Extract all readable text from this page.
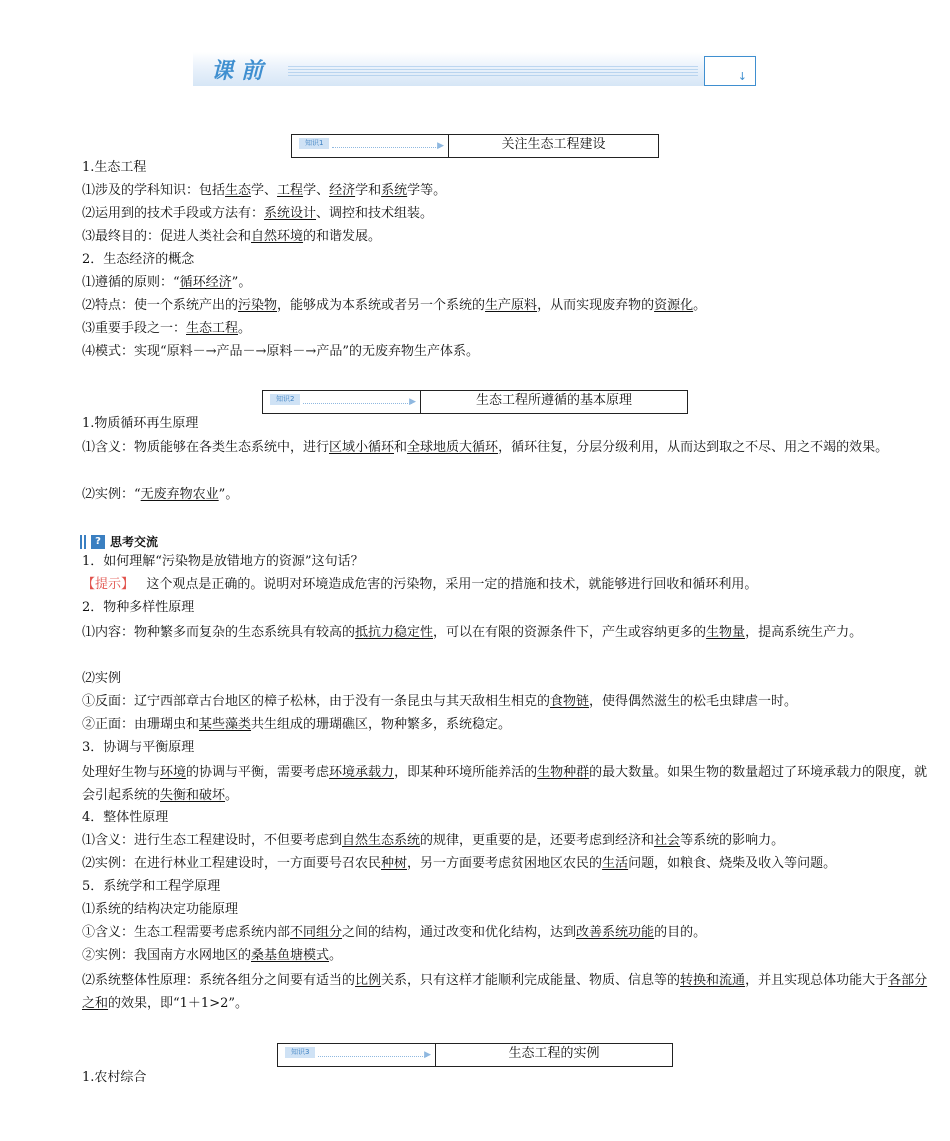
课前	↓
知识1	▶	关注生态工程建设
1.生态工程
⑴涉及的学科知识：包括生态学、工程学、经济学和系统学等。
⑵运用到的技术手段或方法有：系统设计、调控和技术组装。
⑶最终目的：促进人类社会和自然环境的和谐发展。
2．生态经济的概念
⑴遵循的原则：“循环经济”。
⑵特点：使一个系统产出的污染物，能够成为本系统或者另一个系统的生产原料，从而实现废弃物的资源化。
⑶重要手段之一：生态工程。
⑷模式：实现“原料－→产品－→原料－→产品”的无废弃物生产体系。
知识2	▶	生态工程所遵循的基本原理
1.物质循环再生原理
⑴含义：物质能够在各类生态系统中，进行区域小循环和全球地质大循环，循环往复，分层分级利用，从而达到取之不尽、用之不竭的效果。
⑵实例：“无废弃物农业”。
? 思考交流
1．如何理解“污染物是放错地方的资源”这句话？
【提示】 这个观点是正确的。说明对环境造成危害的污染物，采用一定的措施和技术，就能够进行回收和循环利用。
2．物种多样性原理
⑴内容：物种繁多而复杂的生态系统具有较高的抵抗力稳定性，可以在有限的资源条件下，产生或容纳更多的生物量，提高系统生产力。
⑵实例
①反面：辽宁西部章古台地区的樟子松林，由于没有一条昆虫与其天敌相生相克的食物链，使得偶然滋生的松毛虫肆虐一时。
②正面：由珊瑚虫和某些藻类共生组成的珊瑚礁区，物种繁多，系统稳定。
3．协调与平衡原理
处理好生物与环境的协调与平衡，需要考虑环境承载力，即某种环境所能养活的生物种群的最大数量。如果生物的数量超过了环境承载力的限度，就会引起系统的失衡和破坏。
4．整体性原理
⑴含义：进行生态工程建设时，不但要考虑到自然生态系统的规律，更重要的是，还要考虑到经济和社会等系统的影响力。
⑵实例：在进行林业工程建设时，一方面要号召农民种树，另一方面要考虑贫困地区农民的生活问题，如粮食、烧柴及收入等问题。
5．系统学和工程学原理
⑴系统的结构决定功能原理
①含义：生态工程需要考虑系统内部不同组分之间的结构，通过改变和优化结构，达到改善系统功能的目的。
②实例：我国南方水网地区的桑基鱼塘模式。
⑵系统整体性原理：系统各组分之间要有适当的比例关系，只有这样才能顺利完成能量、物质、信息等的转换和流通，并且实现总体功能大于各部分之和的效果，即“1＋1>2”。
知识3	▶	生态工程的实例
1.农村综合
